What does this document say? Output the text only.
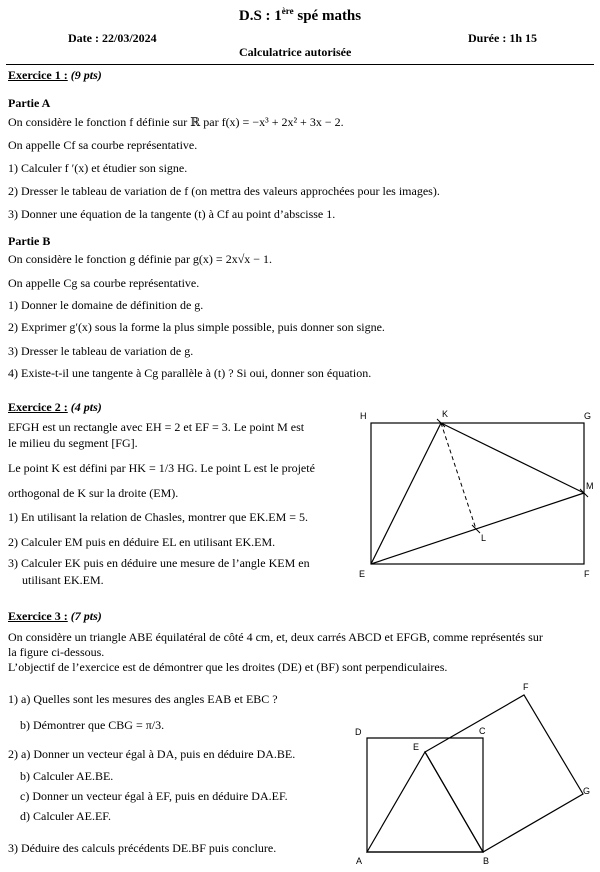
D.S : 1ère spé maths
Date : 22/03/2024	Durée : 1h 15
Calculatrice autorisée
Exercice 1 : (9 pts)
Partie A
On considère le fonction f définie sur ℝ par f(x) = −x³ + 2x² + 3x − 2.
On appelle Cf sa courbe représentative.
1) Calculer f ′(x) et étudier son signe.
2) Dresser le tableau de variation de f (on mettra des valeurs approchées pour les images).
3) Donner une équation de la tangente (t) à Cf au point d’abscisse 1.
Partie B
On considère le fonction g définie par g(x) = 2x√x − 1.
On appelle Cg sa courbe représentative.
1) Donner le domaine de définition de g.
2) Exprimer g′(x) sous la forme la plus simple possible, puis donner son signe.
3) Dresser le tableau de variation de g.
4) Existe-t-il une tangente à Cg parallèle à (t) ? Si oui, donner son équation.
Exercice 2 : (4 pts)
EFGH est un rectangle avec EH = 2 et EF = 3. Le point M est
le milieu du segment [FG].
Le point K est défini par HK = 1/3 HG. Le point L est le projeté
orthogonal de K sur la droite (EM).
1) En utilisant la relation de Chasles, montrer que EK.EM = 5.
2) Calculer EM puis en déduire EL en utilisant EK.EM.
3) Calculer EK puis en déduire une mesure de l’angle KEM en
utilisant EK.EM.
H	K	G
M
L
E	F
Exercice 3 : (7 pts)
On considère un triangle ABE équilatéral de côté 4 cm, et, deux carrés ABCD et EFGB, comme représentés sur
la figure ci-dessous.
L’objectif de l’exercice est de démontrer que les droites (DE) et (BF) sont perpendiculaires.
1) a) Quelles sont les mesures des angles EAB et EBC ?
b) Démontrer que CBG = π/3.
2) a) Donner un vecteur égal à DA, puis en déduire DA.BE.
b) Calculer AE.BE.
c) Donner un vecteur égal à EF, puis en déduire DA.EF.
d) Calculer AE.EF.
3) Déduire des calculs précédents DE.BF puis conclure.
F
D	C
E
G
A	B
